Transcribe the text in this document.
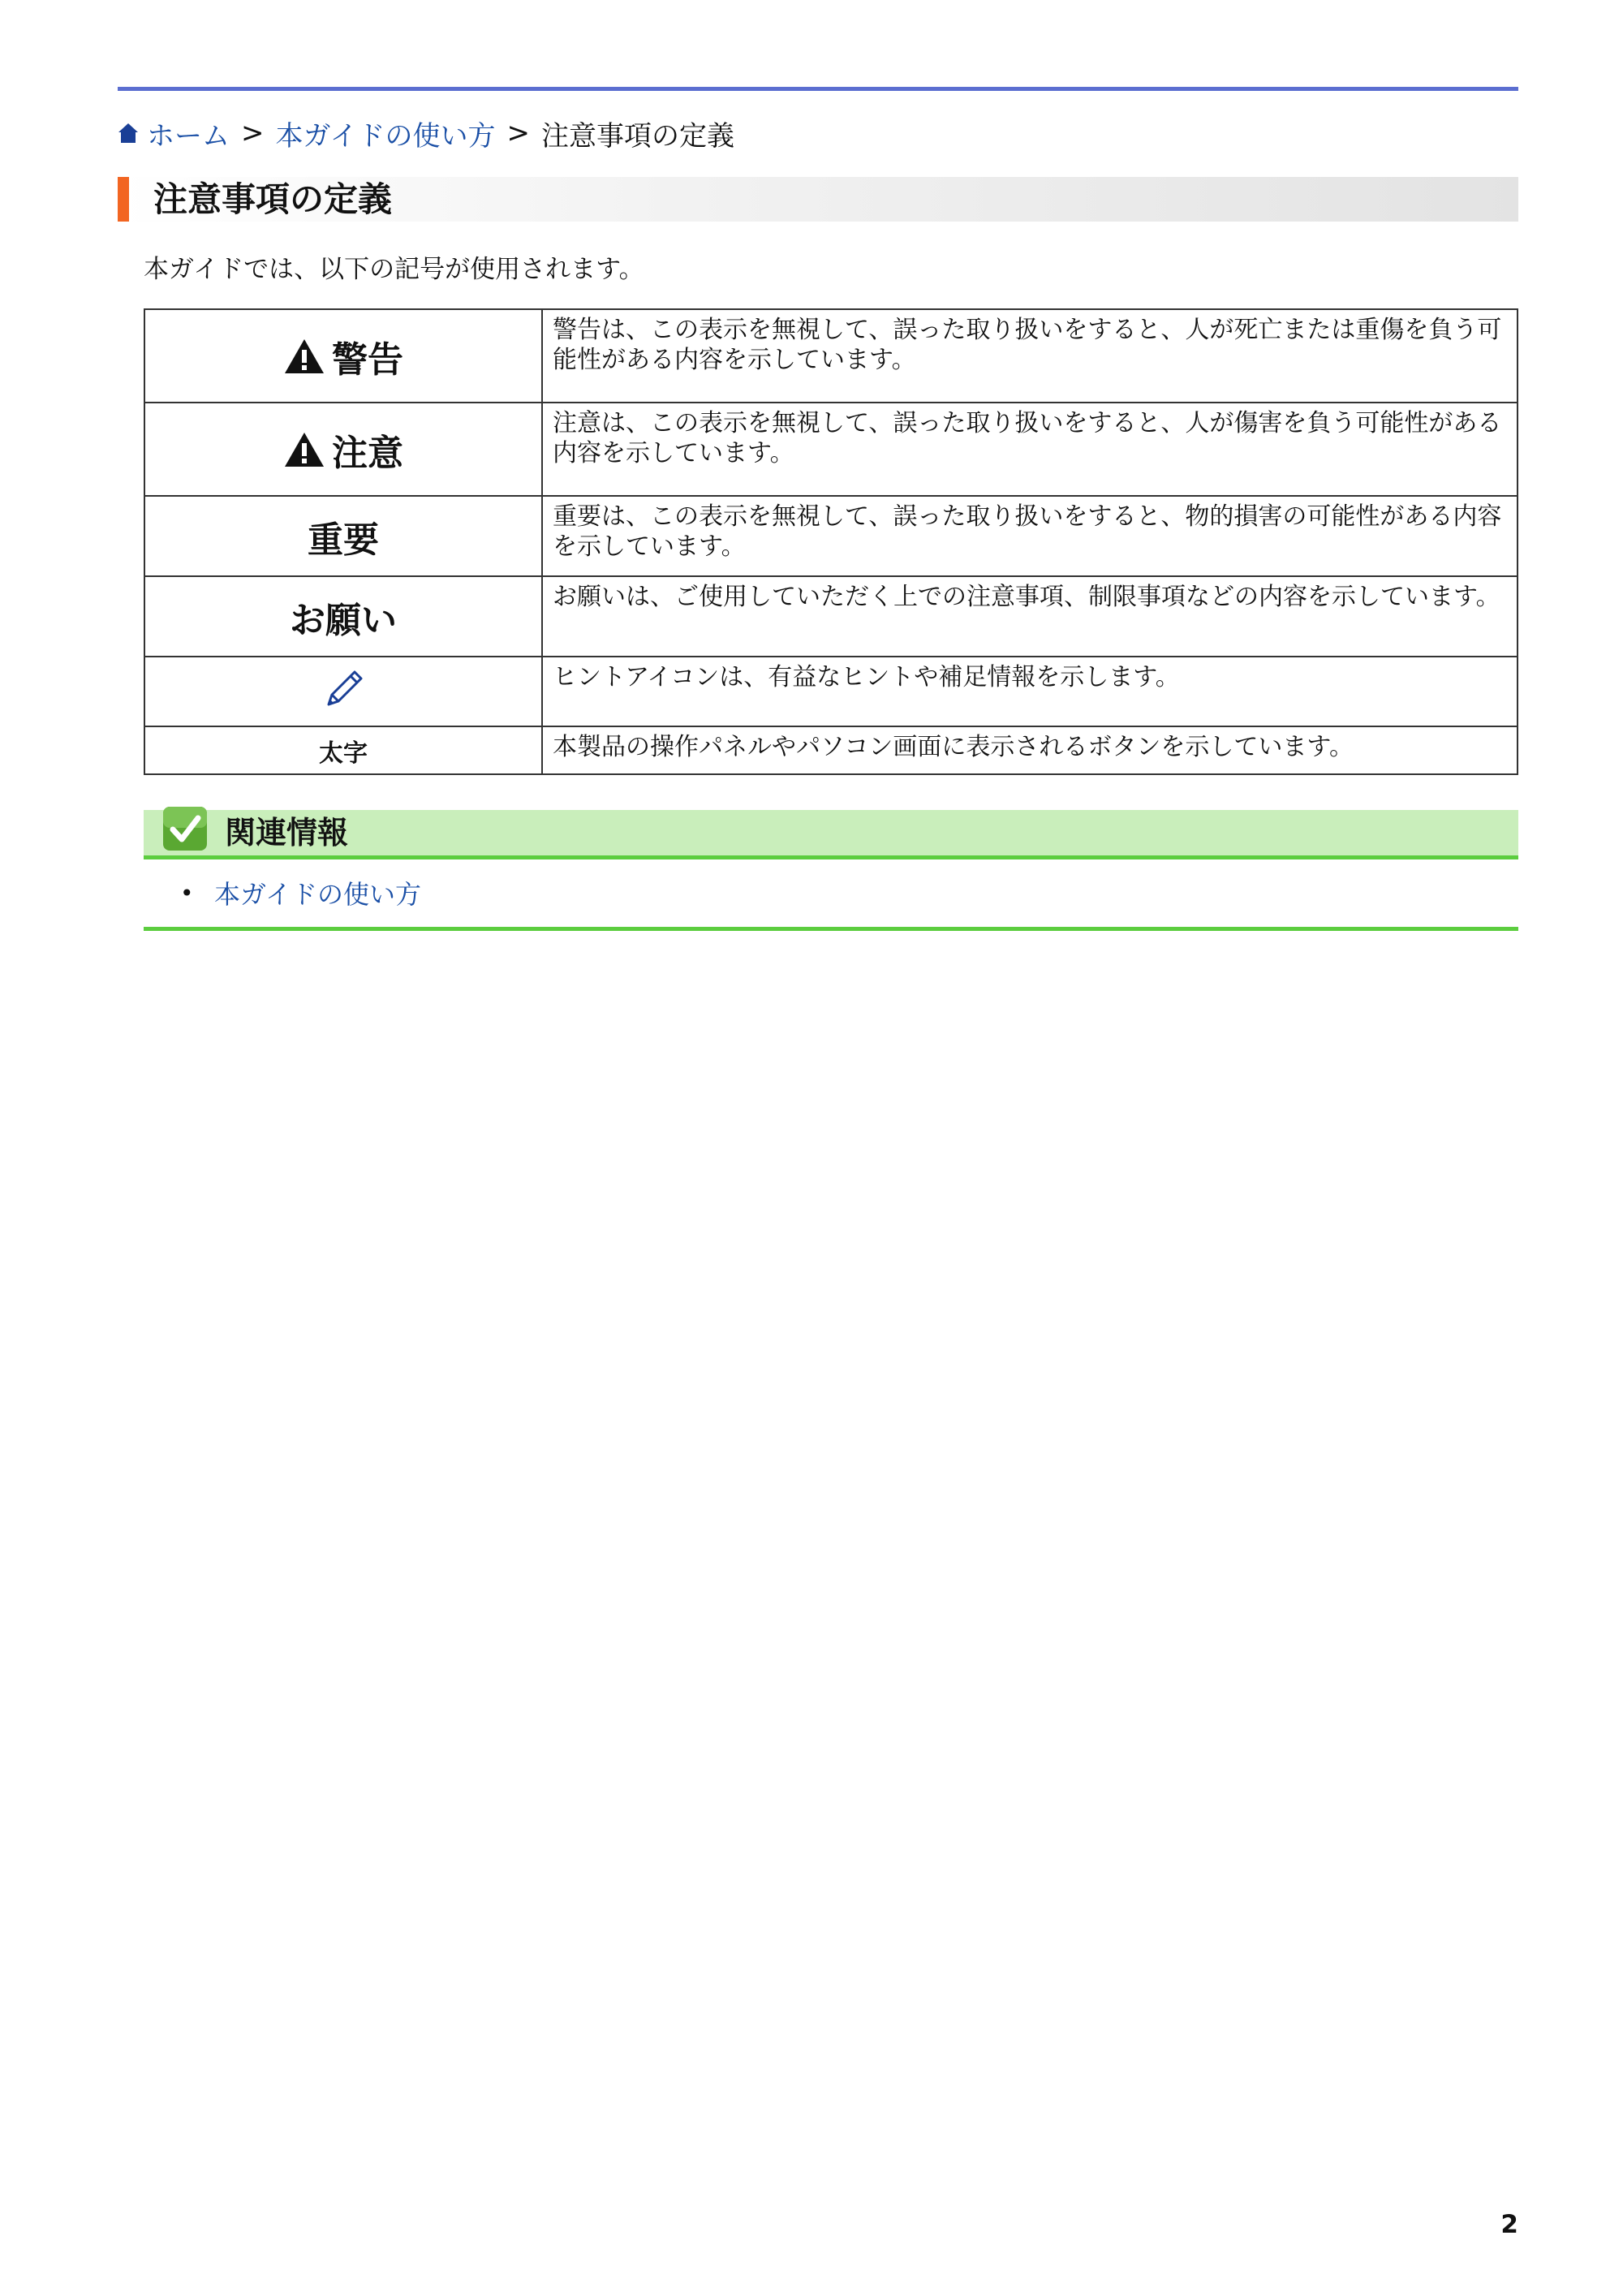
ホーム > 本ガイドの使い方 > 注意事項の定義
注意事項の定義
本ガイドでは、以下の記号が使用されます。
警告	警告は、この表示を無視して、誤った取り扱いをすると、人が死亡または重傷を負う可能性がある内容を示しています。

注意	注意は、この表示を無視して、誤った取り扱いをすると、人が傷害を負う可能性がある内容を示しています。
重要	重要は、この表示を無視して、誤った取り扱いをすると、物的損害の可能性がある内容を示しています。
お願い	お願いは、ご使用していただく上での注意事項、制限事項などの内容を示しています。
	ヒントアイコンは、有益なヒントや補足情報を示します。
太字	本製品の操作パネルやパソコン画面に表示されるボタンを示しています。
関連情報
• 本ガイドの使い方
2
